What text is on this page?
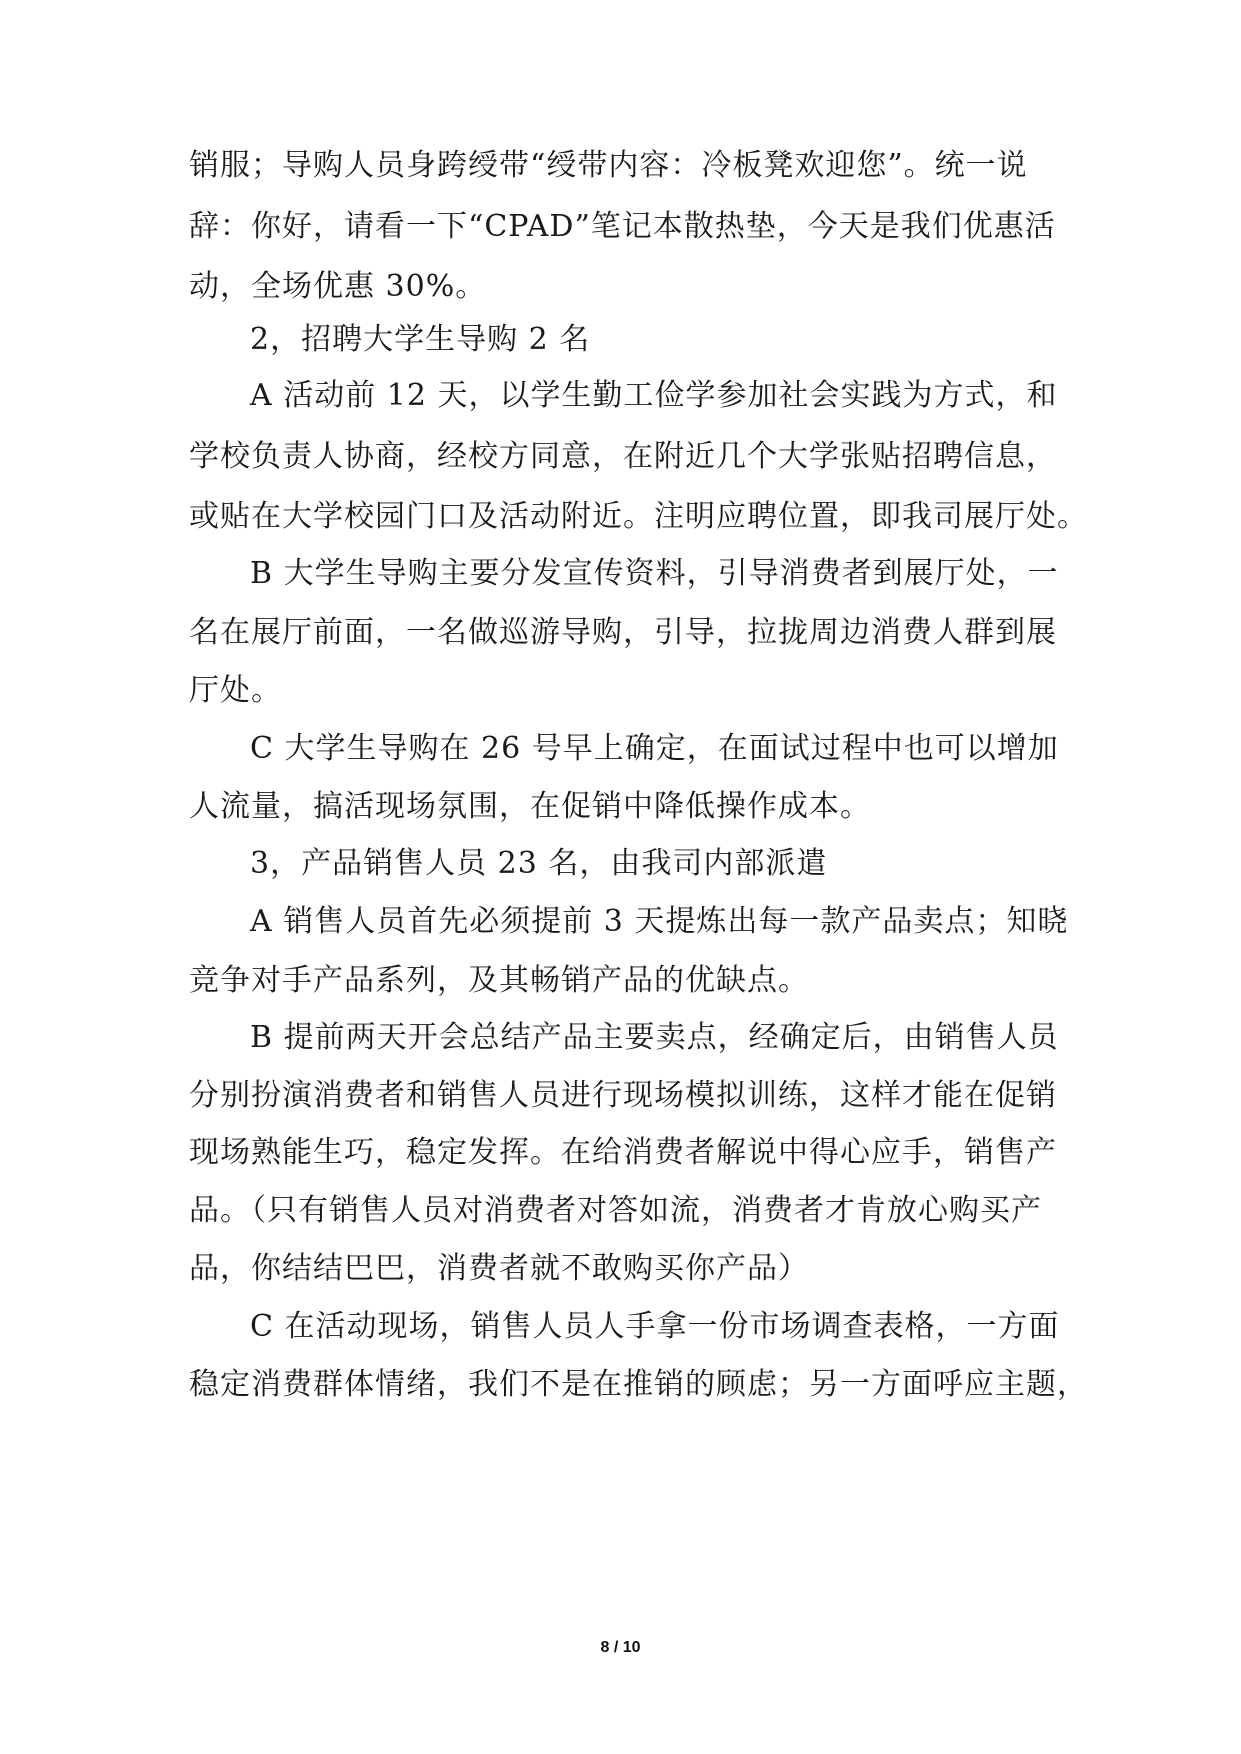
销服；导购人员身跨绶带“绶带内容：冷板凳欢迎您”。统一说
辞：你好，请看一下“CPAD”笔记本散热垫，今天是我们优惠活
动，全场优惠 30%。
2，招聘大学生导购 2 名
A 活动前 12 天，以学生勤工俭学参加社会实践为方式，和
学校负责人协商，经校方同意，在附近几个大学张贴招聘信息，
或贴在大学校园门口及活动附近。注明应聘位置，即我司展厅处。
B 大学生导购主要分发宣传资料，引导消费者到展厅处，一
名在展厅前面，一名做巡游导购，引导，拉拢周边消费人群到展
厅处。
C 大学生导购在 26 号早上确定，在面试过程中也可以增加
人流量，搞活现场氛围，在促销中降低操作成本。
3，产品销售人员 23 名，由我司内部派遣
A 销售人员首先必须提前 3 天提炼出每一款产品卖点；知晓
竞争对手产品系列，及其畅销产品的优缺点。
B 提前两天开会总结产品主要卖点，经确定后，由销售人员
分别扮演消费者和销售人员进行现场模拟训练，这样才能在促销
现场熟能生巧，稳定发挥。在给消费者解说中得心应手，销售产
品。（只有销售人员对消费者对答如流，消费者才肯放心购买产
品，你结结巴巴，消费者就不敢购买你产品）
C 在活动现场，销售人员人手拿一份市场调查表格，一方面
稳定消费群体情绪，我们不是在推销的顾虑；另一方面呼应主题，
8 / 10
